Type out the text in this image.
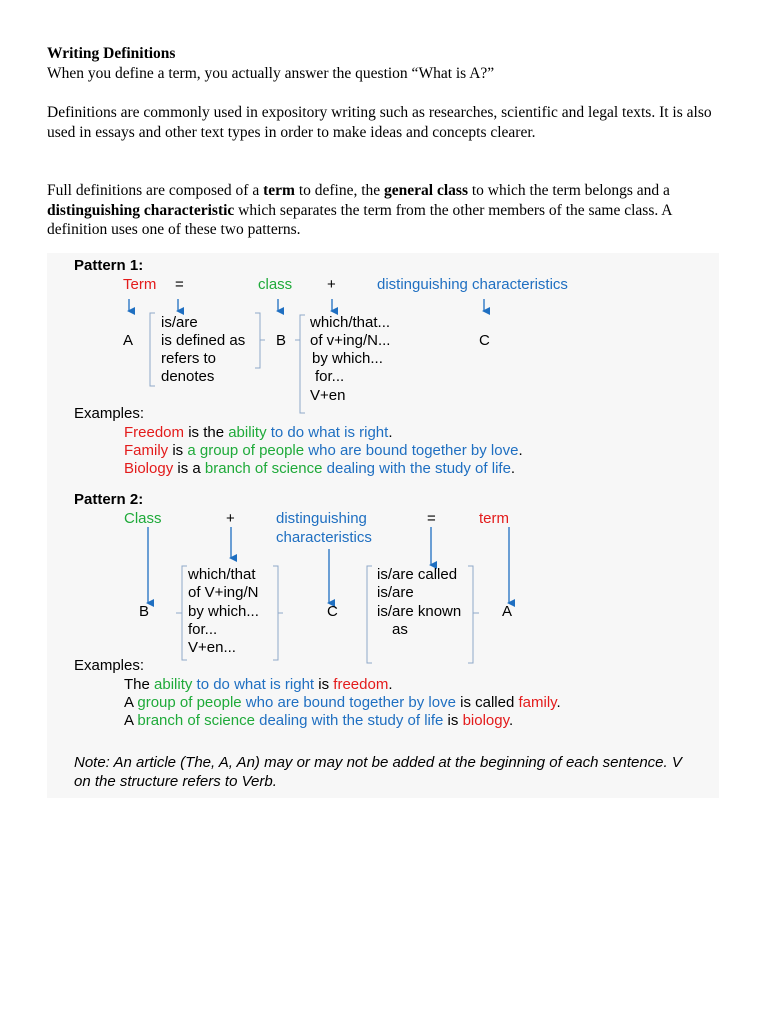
Writing Definitions
When you define a term, you actually answer the question “What is A?”
Definitions are commonly used in expository writing such as researches, scientific and legal texts. It is also used in essays and other text types in order to make ideas and concepts clearer.
Full definitions are composed of a term to define, the general class to which the term belongs and a distinguishing characteristic which separates the term from the other members of the same class. A definition uses one of these two patterns.
Pattern 1:
Term =	class +	distinguishing characteristics
A
is/are
is defined as
refers to
denotes
B
which/that...
of v+ing/N...
by which...
for...
V+en
C
Examples:
Freedom is the ability to do what is right.
Family is a group of people who are bound together by love.
Biology is a branch of science dealing with the study of life.
Pattern 2:
Class	+	distinguishing
characteristics
=	term
B
which/that
of V+ing/N
by which...
for...
V+en...
C
is/are called
is/are
is/are known
as
A
Examples:
The ability to do what is right is freedom.
A group of people who are bound together by love is called family.
A branch of science dealing with the study of life is biology.
Note: An article (The, A, An) may or may not be added at the beginning of each sentence. V on the structure refers to Verb.
